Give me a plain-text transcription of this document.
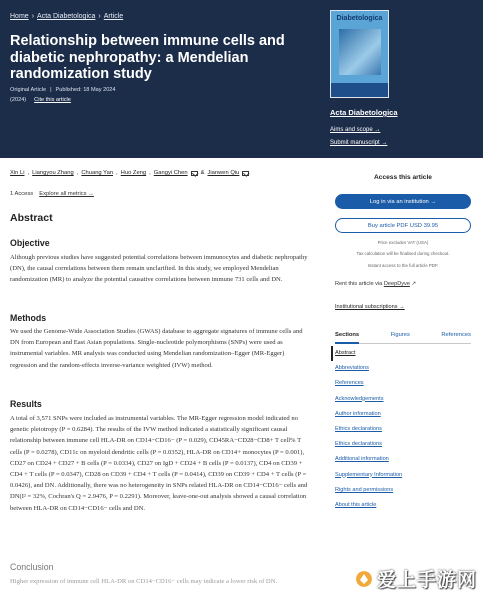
Home › Acta Diabetologica › Article
Relationship between immune cells and diabetic nephropathy: a Mendelian randomization study
Original Article | Published: 18 May 2024
(2024) Cite this article
Diabetologica
Acta Diabetologica
Aims and scope →
Submit manuscript →
Xin Li , Liangyou Zhang , Chuang Yan , Huo Zeng , Gangyi Chen & Jianwen Qiu
1 Access Explore all metrics →
Abstract
Objective

Although previous studies have suggested potential correlations between immunocytes and diabetic nephropathy (DN), the causal correlations between them remain unclarified. In this study, we employed Mendelian randomization (MR) to analyze the potential causative correlations between immune 731 cells and DN.

Methods

We used the Genome-Wide Association Studies (GWAS) database to aggregate signatures of immune cells and DN from European and East Asian populations. Single-nucleotide polymorphisms (SNPs) were used as instrumental variables. MR analysis was conducted using Mendelian randomization–Egger (MR-Egger) regression and the random-effects inverse-variance weighted (IVW) method.

Results

A total of 3,571 SNPs were included as instrumental variables. The MR-Egger regression model indicated no genetic pleiotropy (P = 0.6284). The results of the IVW method indicated a statistically significant causal relationship between immune cell HLA-DR on CD14−CD16− (P = 0.029), CD45RA−CD28−CD8+ T cell% T cells (P = 0.0278), CD11c on myeloid dendritic cells (P = 0.0352), HLA-DR on CD14+ monocytes (P = 0.001), CD27 on CD24 + CD27 + B cells (P = 0.0334), CD27 on IgD + CD24 + B cells (P = 0.0137), CD4 on CD39 + CD4 + T cells (P = 0.0347), CD28 on CD39 + CD4 + T cells (P = 0.0414), CD39 on CD39 + CD4 + T cells (P = 0.0426), and DN. Additionally, there was no heterogeneity in SNPs related HLA-DR on CD14−CD16− cells and DN(I² = 32%, Cochran's Q = 2.9476, P = 0.2291). Moreover, leave-one-out analysis showed a causal correlation between HLA-DR on CD14−CD16− cells and DN.

Conclusion

Higher expression of immune cell HLA-DR on CD14−CD16− cells may indicate a lower risk of DN.

Access this article
Log in via an institution →
Buy article PDF USD 39.95
Price excludes VAT (USA)
Tax calculation will be finalised during checkout.
Instant access to the full article PDF.
Rent this article via DeepDyve ↗
Institutional subscriptions →
Sections	Figures	References
Abstract
Abbreviations
References
Acknowledgements
Author information
Ethics declarations
Ethics declarations
Additional information
Supplementary Information
Rights and permissions
About this article
爱上手游网
